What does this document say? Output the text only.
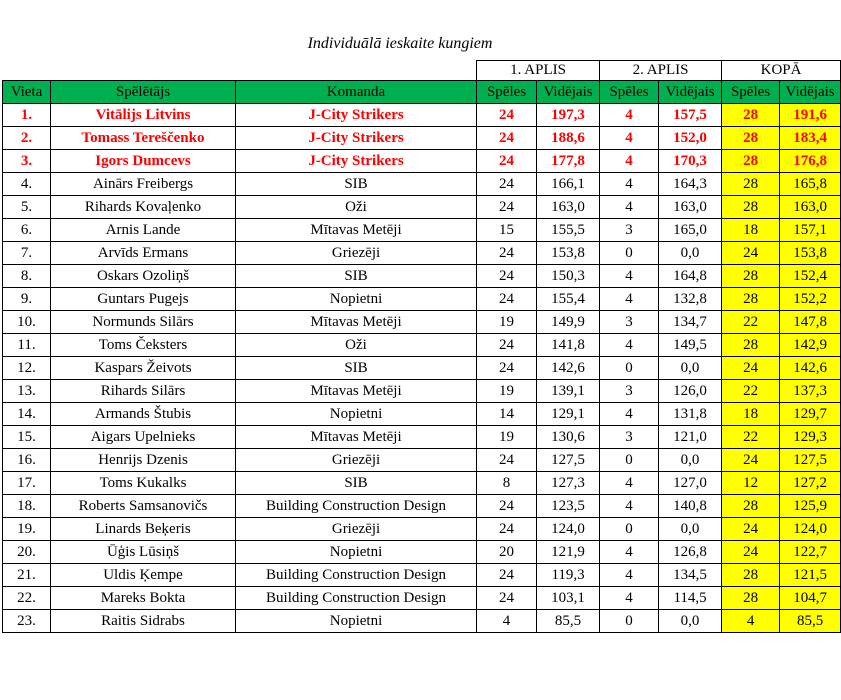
Individuālā ieskaite kungiem
			1. APLIS		2. APLIS		KOPĀ	
Vieta	Spēlētājs	Komanda	Spēles	Vidējais	Spēles	Vidējais	Spēles	Vidējais
1.	Vitālijs Litvins	J-City Strikers	24	197,3	4	157,5	28	191,6
2.	Tomass Tereščenko	J-City Strikers	24	188,6	4	152,0	28	183,4
3.	Igors Dumcevs	J-City Strikers	24	177,8	4	170,3	28	176,8
4.	Ainārs Freibergs	SIB	24	166,1	4	164,3	28	165,8
5.	Rihards Kovaļenko	Oži	24	163,0	4	163,0	28	163,0
6.	Arnis Lande	Mītavas Metēji	15	155,5	3	165,0	18	157,1
7.	Arvīds Ermans	Griezēji	24	153,8	0	0,0	24	153,8
8.	Oskars Ozoliņš	SIB	24	150,3	4	164,8	28	152,4
9.	Guntars Pugejs	Nopietni	24	155,4	4	132,8	28	152,2
10.	Normunds Silārs	Mītavas Metēji	19	149,9	3	134,7	22	147,8
11.	Toms Čeksters	Oži	24	141,8	4	149,5	28	142,9
12.	Kaspars Žeivots	SIB	24	142,6	0	0,0	24	142,6
13.	Rihards Silārs	Mītavas Metēji	19	139,1	3	126,0	22	137,3
14.	Armands Štubis	Nopietni	14	129,1	4	131,8	18	129,7
15.	Aigars Upelnieks	Mītavas Metēji	19	130,6	3	121,0	22	129,3
16.	Henrijs Dzenis	Griezēji	24	127,5	0	0,0	24	127,5
17.	Toms Kukalks	SIB	8	127,3	4	127,0	12	127,2
18.	Roberts Samsanovičs	Building Construction Design	24	123,5	4	140,8	28	125,9
19.	Linards Beķeris	Griezēji	24	124,0	0	0,0	24	124,0
20.	Ūģis Lūsiņš	Nopietni	20	121,9	4	126,8	24	122,7
21.	Uldis Ķempe	Building Construction Design	24	119,3	4	134,5	28	121,5
22.	Mareks Bokta	Building Construction Design	24	103,1	4	114,5	28	104,7
23.	Raitis Sidrabs	Nopietni	4	85,5	0	0,0	4	85,5
